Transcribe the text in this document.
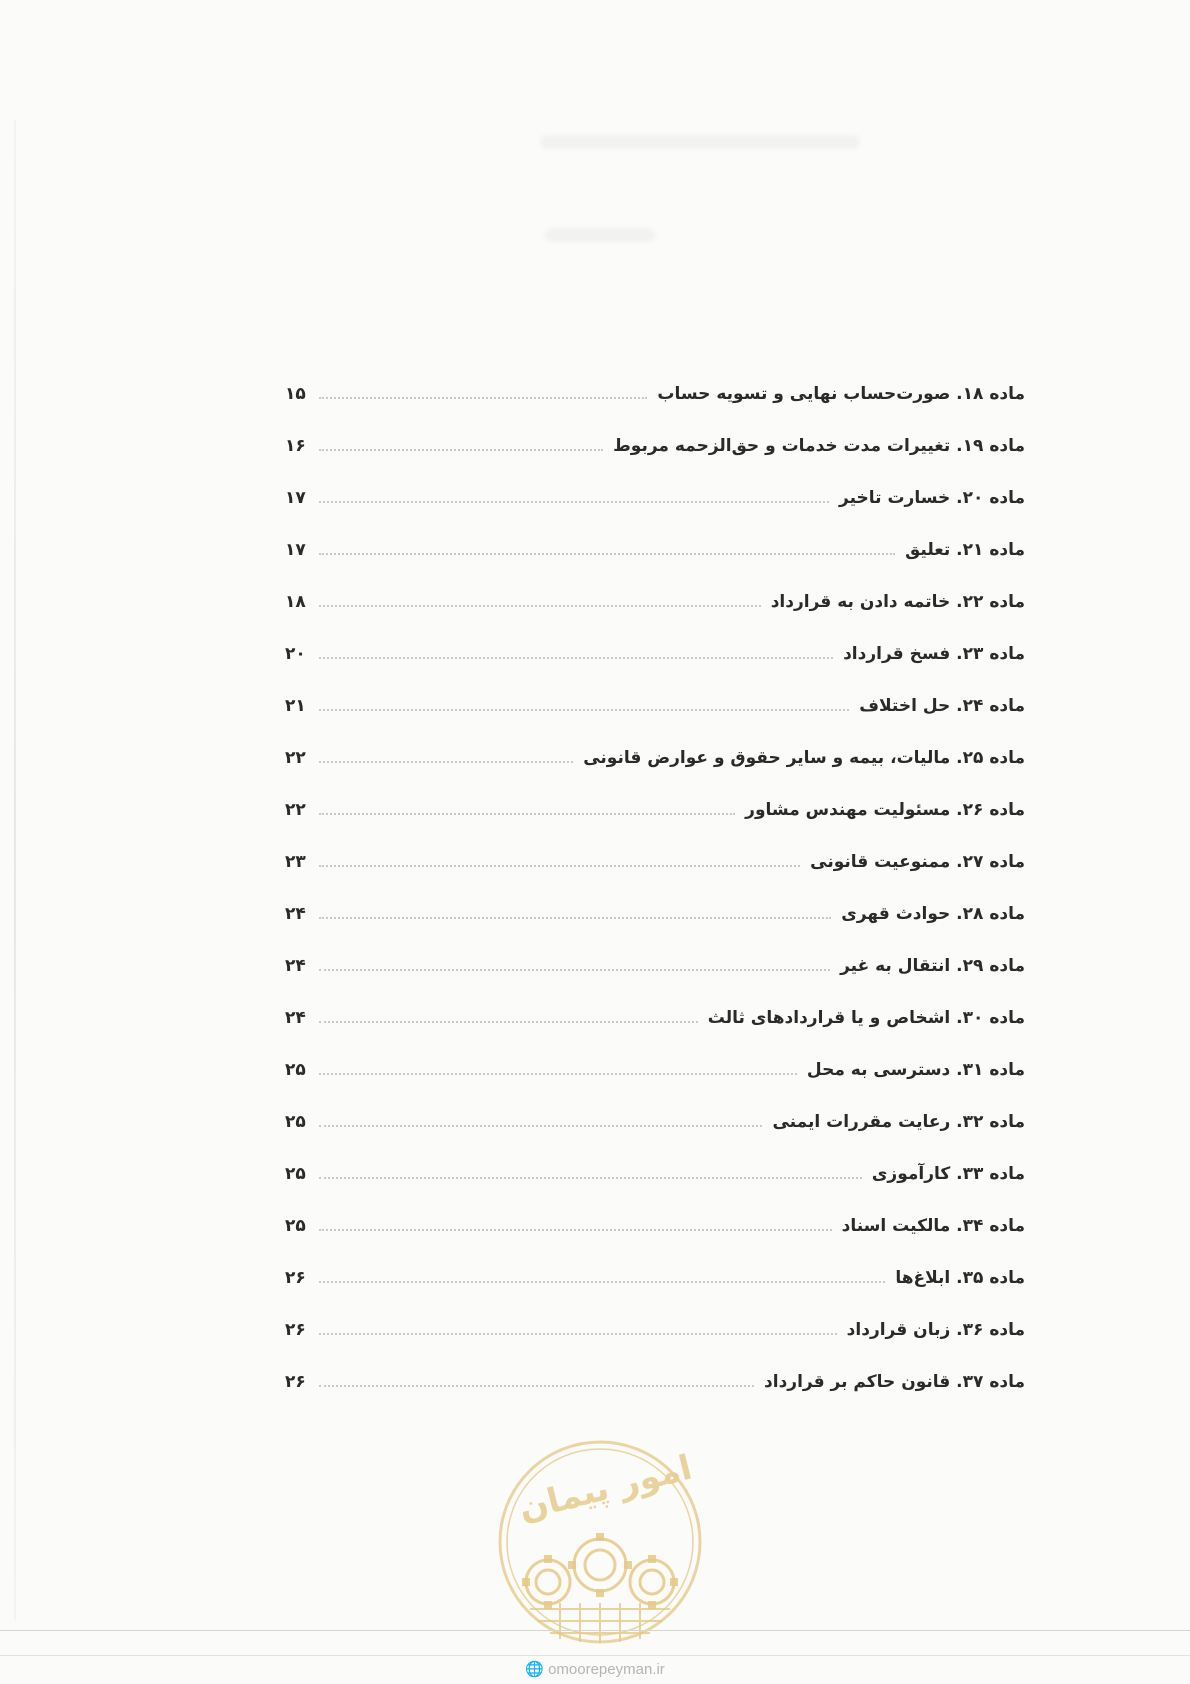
ماده ۱۸. صورت‌حساب نهایی و تسویه حساب
۱۵
ماده ۱۹. تغییرات مدت خدمات و حق‌الزحمه مربوط
۱۶
ماده ۲۰. خسارت تاخیر
۱۷
ماده ۲۱. تعلیق
۱۷
ماده ۲۲. خاتمه دادن به قرارداد
۱۸
ماده ۲۳. فسخ قرارداد
۲۰
ماده ۲۴. حل اختلاف
۲۱
ماده ۲۵. مالیات، بیمه و سایر حقوق و عوارض قانونی
۲۲
ماده ۲۶. مسئولیت مهندس مشاور
۲۲
ماده ۲۷. ممنوعیت قانونی
۲۳
ماده ۲۸. حوادث قهری
۲۴
ماده ۲۹. انتقال به غیر
۲۴
ماده ۳۰. اشخاص و یا قراردادهای ثالث
۲۴
ماده ۳۱. دسترسی به محل
۲۵
ماده ۳۲. رعایت مقررات ایمنی
۲۵
ماده ۳۳. کارآموزی
۲۵
ماده ۳۴. مالکیت اسناد
۲۵
ماده ۳۵. ابلاغ‌ها
۲۶
ماده ۳۶. زبان قرارداد
۲۶
ماده ۳۷. قانون حاکم بر قرارداد
۲۶
امور پیمان
🌐 omoorepeyman.ir
